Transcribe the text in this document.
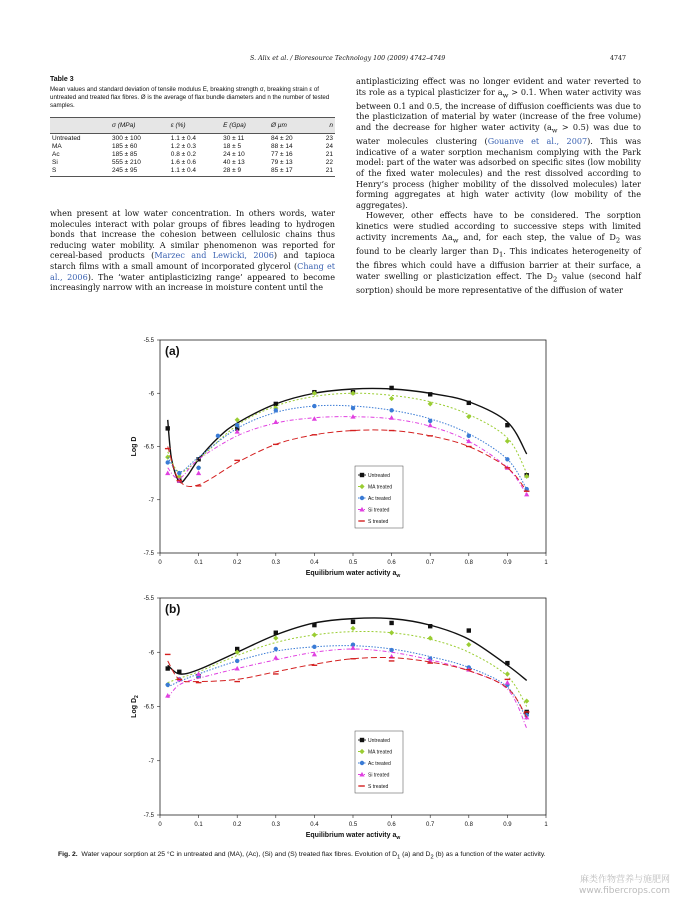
S. Alix et al. / Bioresource Technology 100 (2009) 4742–4749	4747
Table 3
Mean values and standard deviation of tensile modulus E, breaking strength σ, breaking strain ε of untreated and treated flax fibres. Ø is the average of flax bundle diameters and n the number of tested samples.
	σ (MPa)	ε (%)	E (Gpa)	Ø μm	n
Untreated	300 ± 100	1.1 ± 0.4	30 ± 11	84 ± 20	23
MA	185 ± 60	1.2 ± 0.3	18 ± 5	88 ± 14	24
Ac	185 ± 85	0.8 ± 0.2	24 ± 10	77 ± 16	21
Si	555 ± 210	1.6 ± 0.6	40 ± 13	79 ± 13	22
S	245 ± 95	1.1 ± 0.4	28 ± 9	85 ± 17	21

when present at low water concentration. In others words, water molecules interact with polar groups of fibres leading to hydrogen bonds that increase the cohesion between cellulosic chains thus reducing water mobility. A similar phenomenon was reported for cereal-based products (Marzec and Lewicki, 2006) and tapioca starch films with a small amount of incorporated glycerol (Chang et al., 2006). The ‘water antiplasticizing range’ appeared to become increasingly narrow with an increase in moisture content until the

antiplasticizing effect was no longer evident and water reverted to its role as a typical plasticizer for $a_w > 0.1$. When water activity was between 0.1 and 0.5, the increase of diffusion coefficients was due to the plasticization of material by water (increase of the free volume) and the decrease for higher water activity $(a_w > 0.5)$ was due to water molecules clustering (Gouanve et al., 2007). This was indicative of a water sorption mechanism complying with the Park model: part of the water was adsorbed on specific sites (low mobility of the fixed water molecules) and the rest dissolved according to Henry’s process (higher mobility of the dissolved molecules) later forming aggregates at high water activity (low mobility of the aggregates).

However, other effects have to be considered. The sorption kinetics were studied according to successive steps with limited activity increments $\Delta a_w$ and, for each step, the value of $D_2$ was found to be clearly larger than $D_1$. This indicates heterogeneity of the fibres which could have a diffusion barrier at their surface, a water swelling or plasticization effect. The $D_2$ value (second half sorption) should be more representative of the diffusion of water

(a)
-5.5
-6
-6.5
-7
-7.5
0	0.1	0.2	0.3	0.4	0.5	0.6	0.7	0.8	0.9	1
Equilibrium water activity $a_w$
Log D
Untreated
MA treated
Ac treated
Si treated
S treated
(b)
-5.5
-6
-6.5
-7
-7.5
0	0.1	0.2	0.3	0.4	0.5	0.6	0.7	0.8	0.9	1
Equilibrium water activity $a_w$
Log $D_2$
Untreated
MA treated
Ac treated
Si treated
S treated
Fig. 2. Water vapour sorption at 25 °C in untreated and (MA), (Ac), (Si) and (S) treated flax fibres. Evolution of $D_1$ (a) and $D_2$ (b) as a function of the water activity.
麻类作物营养与施肥网
www.fibercrops.com
